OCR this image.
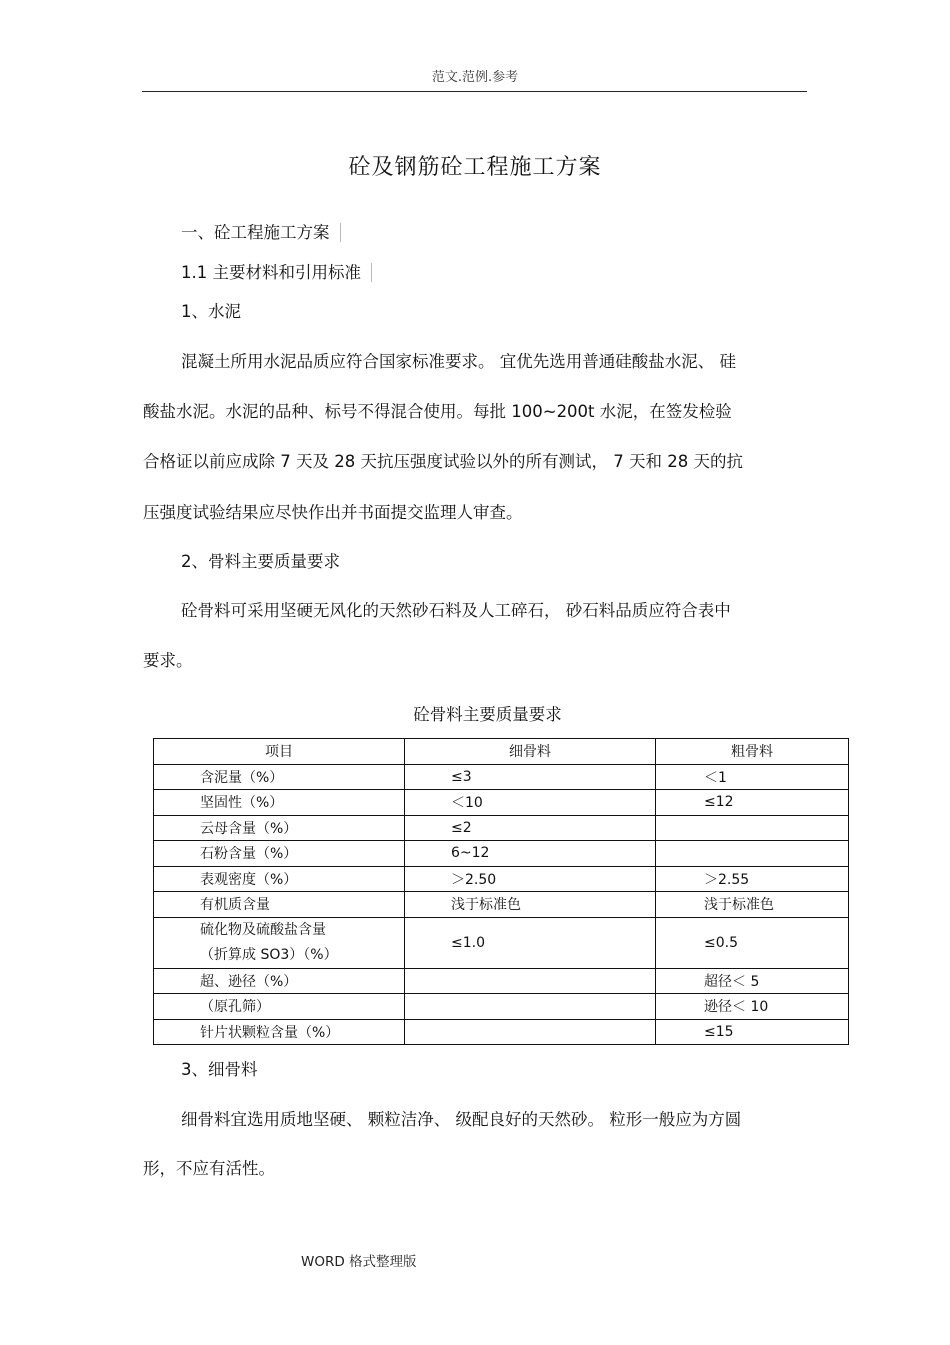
范文.范例.参考
砼及钢筋砼工程施工方案
一、砼工程施工方案
1.1 主要材料和引用标准
1、水泥
混凝土所用水泥品质应符合国家标准要求。 宜优先选用普通硅酸盐水泥、 硅
酸盐水泥。水泥的品种、标号不得混合使用。每批 100~200t 水泥，在签发检验
合格证以前应成除 7 天及 28 天抗压强度试验以外的所有测试， 7 天和 28 天的抗
压强度试验结果应尽快作出并书面提交监理人审查。
2、骨料主要质量要求
砼骨料可采用坚硬无风化的天然砂石料及人工碎石， 砂石料品质应符合表中
要求。
砼骨料主要质量要求
项目	细骨料	粗骨料
含泥量（%）	≤3	＜1
坚固性（%）	＜10	≤12
云母含量（%）	≤2	
石粉含量（%）	6~12	
表观密度（%）	＞2.50	＞2.55
有机质含量	浅于标准色	浅于标准色

硫化物及硫酸盐含量
（折算成 SO3）（%）	≤1.0	≤0.5
超、逊径（%）		超径＜ 5
（原孔筛）		逊径＜ 10
针片状颗粒含量（%）		≤15
3、细骨料
细骨料宜选用质地坚硬、 颗粒洁净、 级配良好的天然砂。 粒形一般应为方圆
形，不应有活性。
WORD 格式整理版
